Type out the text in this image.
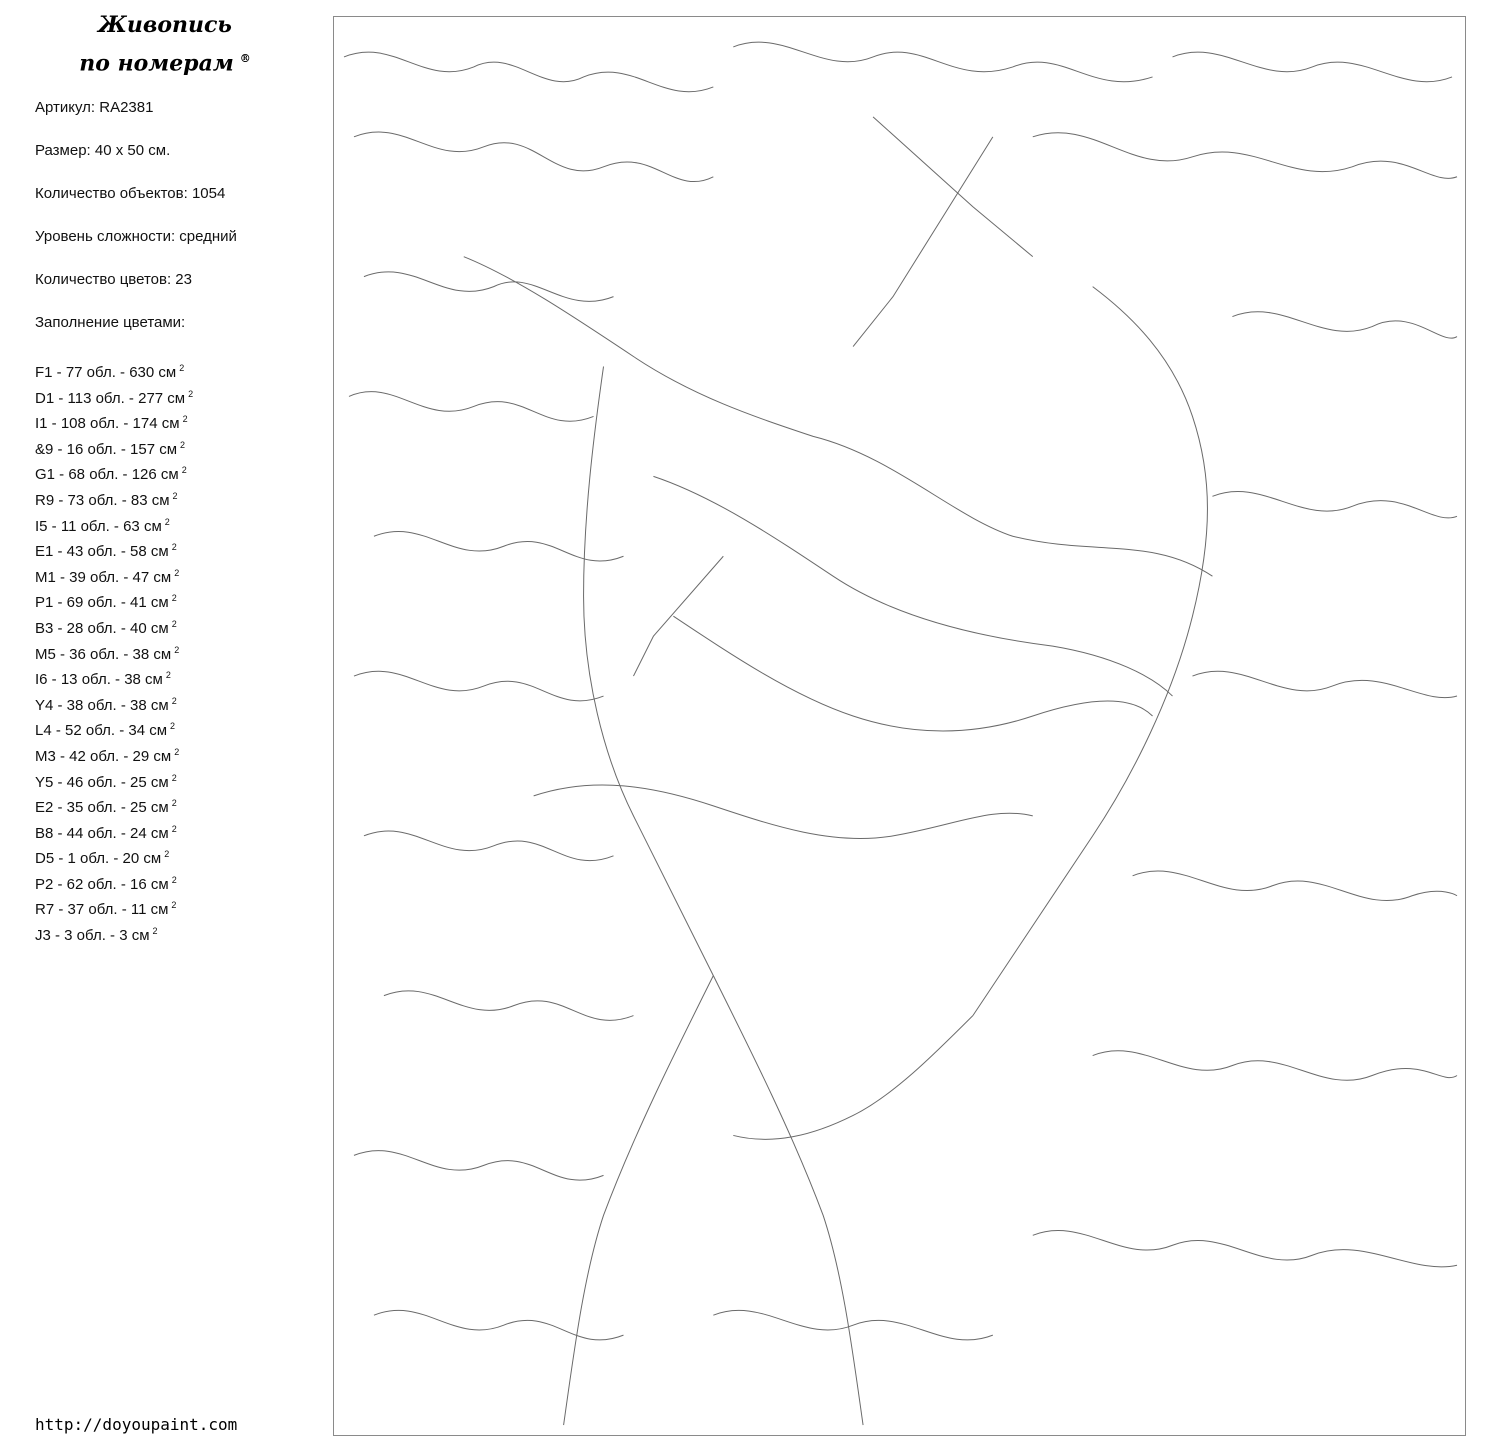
Живопись
по номерам ®
Артикул: RA2381
Размер: 40 х 50 см.
Количество объектов: 1054
Уровень сложности: средний
Количество цветов: 23
Заполнение цветами:
F1 - 77 обл. - 630 см $^2$
D1 - 113 обл. - 277 см $^2$
I1 - 108 обл. - 174 см $^2$
&9 - 16 обл. - 157 см $^2$
G1 - 68 обл. - 126 см $^2$
R9 - 73 обл. - 83 см $^2$
I5 - 11 обл. - 63 см $^2$
E1 - 43 обл. - 58 см $^2$
M1 - 39 обл. - 47 см $^2$
P1 - 69 обл. - 41 см $^2$
B3 - 28 обл. - 40 см $^2$
M5 - 36 обл. - 38 см $^2$
I6 - 13 обл. - 38 см $^2$
Y4 - 38 обл. - 38 см $^2$
L4 - 52 обл. - 34 см $^2$
M3 - 42 обл. - 29 см $^2$
Y5 - 46 обл. - 25 см $^2$
E2 - 35 обл. - 25 см $^2$
B8 - 44 обл. - 24 см $^2$
D5 - 1 обл. - 20 см $^2$
P2 - 62 обл. - 16 см $^2$
R7 - 37 обл. - 11 см $^2$
J3 - 3 обл. - 3 см $^2$
http://doyoupaint.com
